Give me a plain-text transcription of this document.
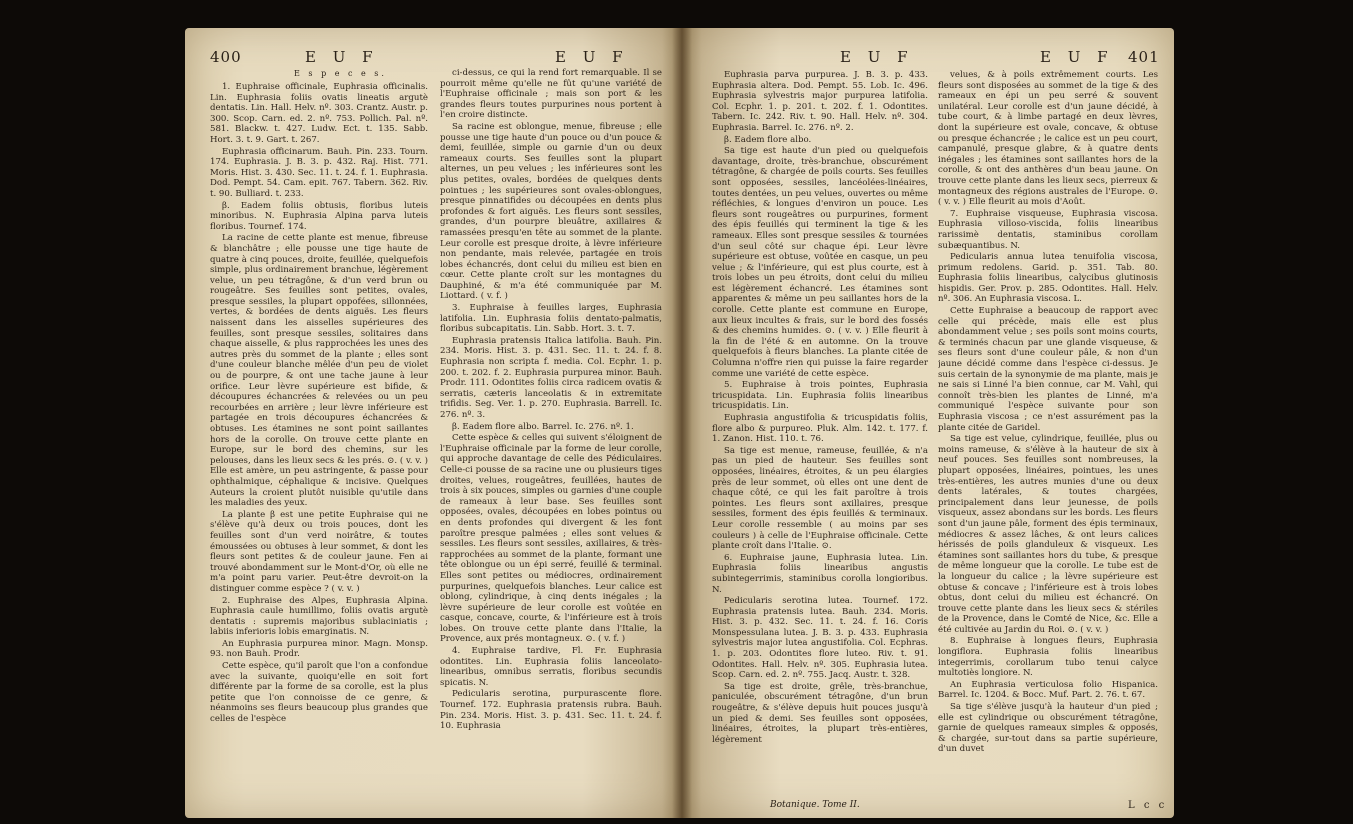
400	E U F	E U F
E s p e c e s.

1. Euphraise officinale, Euphrasia officinalis. Lin. Euphrasia foliis ovatis lineatis argutè dentatis. Lin. Hall. Helv. nº. 303. Crantz. Austr. p. 300. Scop. Carn. ed. 2. nº. 753. Pollich. Pal. nº. 581. Blackw. t. 427. Ludw. Ect. t. 135. Sabb. Hort. 3. t. 9. Gart. t. 267.

Euphrasia officinarum. Bauh. Pin. 233. Tourn. 174. Euphrasia. J. B. 3. p. 432. Raj. Hist. 771. Moris. Hist. 3. 430. Sec. 11. t. 24. f. 1. Euphrasia. Dod. Pempt. 54. Cam. epit. 767. Tabern. 362. Riv. t. 90. Bulliard. t. 233.

β. Eadem foliis obtusis, floribus luteis minoribus. N. Euphrasia Alpina parva luteis floribus. Tournef. 174.

La racine de cette plante est menue, fibreuse & blanchâtre ; elle pousse une tige haute de quatre à cinq pouces, droite, feuillée, quelquefois simple, plus ordinairement branchue, légèrement velue, un peu tétragône, & d'un verd brun ou rougeâtre. Ses feuilles sont petites, ovales, presque sessiles, la plupart oppofées, sillonnées, vertes, & bordées de dents aiguës. Les fleurs naissent dans les aisselles supérieures des feuilles, sont presque sessiles, solitaires dans chaque aisselle, & plus rapprochées les unes des autres près du sommet de la plante ; elles sont d'une couleur blanche mêlée d'un peu de violet ou de pourpre, & ont une tache jaune à leur orifice. Leur lèvre supérieure est bifide, & découpures échancrées & relevées ou un peu recourbées en arrière ; leur lèvre inférieure est partagée en trois découpures échancrées & obtuses. Les étamines ne sont point saillantes hors de la corolle. On trouve cette plante en Europe, sur le bord des chemins, sur les pelouses, dans les lieux secs & les prés. ⊙. ( v. v. ) Elle est amère, un peu astringente, & passe pour ophthalmique, céphalique & incisive. Quelques Auteurs la croient plutôt nuisible qu'utile dans les maladies des yeux.

La plante β est une petite Euphraise qui ne s'élève qu'à deux ou trois pouces, dont les feuilles sont d'un verd noirâtre, & toutes émoussées ou obtuses à leur sommet, & dont les fleurs sont petites & de couleur jaune. Fen ai trouvé abondamment sur le Mont-d'Or, où elle ne m'a point paru varier. Peut-être devroit-on la distinguer comme espèce ? ( v. v. )

2. Euphraise des Alpes, Euphrasia Alpina. Euphrasia caule humillimo, foliis ovatis argutè dentatis : supremis majoribus sublaciniatis ; labiis inferioris lobis emarginatis. N.

An Euphrasia purpurea minor. Magn. Monsp. 93. non Bauh. Prodr.

Cette espèce, qu'il paroît que l'on a confondue avec la suivante, quoiqu'elle en soit fort différente par la forme de sa corolle, est la plus petite que l'on connoisse de ce genre, & néanmoins ses fleurs beaucoup plus grandes que celles de l'espèce

ci-dessus, ce qui la rend fort remarquable. Il se pourroit même qu'elle ne fût qu'une variété de l'Euphraise officinale ; mais son port & les grandes fleurs toutes purpurines nous portent à l'en croire distincte.

Sa racine est oblongue, menue, fibreuse ; elle pousse une tige haute d'un pouce ou d'un pouce & demi, feuillée, simple ou garnie d'un ou deux rameaux courts. Ses feuilles sont la plupart alternes, un peu velues ; les inférieures sont les plus petites, ovales, bordées de quelques dents pointues ; les supérieures sont ovales-oblongues, presque pinnatifides ou découpées en dents plus profondes & fort aiguës. Les fleurs sont sessiles, grandes, d'un pourpre bleuâtre, axillaires & ramassées presqu'en tête au sommet de la plante. Leur corolle est presque droite, à lèvre inférieure non pendante, mais relevée, partagée en trois lobes échancrés, dont celui du milieu est bien en cœur. Cette plante croît sur les montagnes du Dauphiné, & m'a été communiquée par M. Liottard. ( v. f. )

3. Euphraise à feuilles larges, Euphrasia latifolia. Lin. Euphrasia foliis dentato-palmatis, floribus subcapitatis. Lin. Sabb. Hort. 3. t. 7.

Euphrasia pratensis Italica latifolia. Bauh. Pin. 234. Moris. Hist. 3. p. 431. Sec. 11. t. 24. f. 8. Euphrasia non scripta f. media. Col. Ecphr. 1. p. 200. t. 202. f. 2. Euphrasia purpurea minor. Bauh. Prodr. 111. Odontites foliis circa radicem ovatis & serratis, cæteris lanceolatis & in extremitate trifidis. Seg. Ver. 1. p. 270. Euphrasia. Barrell. Ic. 276. nº. 3.

β. Eadem flore albo. Barrel. Ic. 276. nº. 1.

Cette espèce & celles qui suivent s'éloignent de l'Euphraise officinale par la forme de leur corolle, qui approche davantage de celle des Pédiculaires. Celle-ci pousse de sa racine une ou plusieurs tiges droites, velues, rougeâtres, feuillées, hautes de trois à six pouces, simples ou garnies d'une couple de rameaux à leur base. Ses feuilles sont opposées, ovales, découpées en lobes pointus ou en dents profondes qui divergent & les font paroître presque palmées ; elles sont velues & sessiles. Les fleurs sont sessiles, axillaires, & très-rapprochées au sommet de la plante, formant une tête oblongue ou un épi serré, feuillé & terminal. Elles sont petites ou médiocres, ordinairement purpurines, quelquefois blanches. Leur calice est oblong, cylindrique, à cinq dents inégales ; la lèvre supérieure de leur corolle est voûtée en casque, concave, courte, & l'inférieure est à trois lobes. On trouve cette plante dans l'Italie, la Provence, aux prés montagneux. ⊙. ( v. f. )

4. Euphraise tardive, Fl. Fr. Euphrasia odontites. Lin. Euphrasia foliis lanceolato-linearibus, omnibus serratis, floribus secundis spicatis. N.

Pedicularis serotina, purpurascente flore. Tournef. 172. Euphrasia pratensis rubra. Bauh. Pin. 234. Moris. Hist. 3. p. 431. Sec. 11. t. 24. f. 10. Euphrasia

E U F	E U F 401

Euphrasia parva purpurea. J. B. 3. p. 433. Euphrasia altera. Dod. Pempt. 55. Lob. Ic. 496. Euphrasia sylvestris major purpurea latifolia. Col. Ecphr. 1. p. 201. t. 202. f. 1. Odontites. Tabern. Ic. 242. Riv. t. 90. Hall. Helv. nº. 304. Euphrasia. Barrel. Ic. 276. nº. 2.

β. Eadem flore albo.

Sa tige est haute d'un pied ou quelquefois davantage, droite, très-branchue, obscurément tétragône, & chargée de poils courts. Ses feuilles sont opposées, sessiles, lancéolées-linéaires, toutes dentées, un peu velues, ouvertes ou même réfléchies, & longues d'environ un pouce. Les fleurs sont rougeâtres ou purpurines, forment des épis feuillés qui terminent la tige & les rameaux. Elles sont presque sessiles & tournées d'un seul côté sur chaque épi. Leur lèvre supérieure est obtuse, voûtée en casque, un peu velue ; & l'inférieure, qui est plus courte, est à trois lobes un peu étroits, dont celui du milieu est légèrement échancré. Les étamines sont apparentes & même un peu saillantes hors de la corolle. Cette plante est commune en Europe, aux lieux incultes & frais, sur le bord des fossés & des chemins humides. ⊙. ( v. v. ) Elle fleurit à la fin de l'été & en automne. On la trouve quelquefois à fleurs blanches. La plante citée de Columna n'offre rien qui puisse la faire regarder comme une variété de cette espèce.

5. Euphraise à trois pointes, Euphrasia tricuspidata. Lin. Euphrasia foliis linearibus tricuspidatis. Lin.

Euphrasia angustifolia & tricuspidatis foliis, flore albo & purpureo. Pluk. Alm. 142. t. 177. f. 1. Zanon. Hist. 110. t. 76.

Sa tige est menue, rameuse, feuillée, & n'a pas un pied de hauteur. Ses feuilles sont opposées, linéaires, étroites, & un peu élargies près de leur sommet, où elles ont une dent de chaque côté, ce qui les fait paroître à trois pointes. Les fleurs sont axillaires, presque sessiles, forment des épis feuillés & terminaux. Leur corolle ressemble ( au moins par ses couleurs ) à celle de l'Euphraise officinale. Cette plante croît dans l'Italie. ⊙.

6. Euphraise jaune, Euphrasia lutea. Lin. Euphrasia foliis linearibus angustis subintegerrimis, staminibus corolla longioribus. N.

Pedicularis serotina lutea. Tournef. 172. Euphrasia pratensis lutea. Bauh. 234. Moris. Hist. 3. p. 432. Sec. 11. t. 24. f. 16. Coris Monspessulana lutea. J. B. 3. p. 433. Euphrasia sylvestris major lutea angustifolia. Col. Ecphras. 1. p. 203. Odontites flore luteo. Riv. t. 91. Odontites. Hall. Helv. nº. 305. Euphrasia lutea. Scop. Carn. ed. 2. nº. 755. Jacq. Austr. t. 328.

Sa tige est droite, grêle, très-branchue, paniculée, obscurément tétragône, d'un brun rougeâtre, & s'élève depuis huit pouces jusqu'à un pied & demi. Ses feuilles sont opposées, linéaires, étroites, la plupart très-entières, légèrement

velues, & à poils extrêmement courts. Les fleurs sont disposées au sommet de la tige & des rameaux en épi un peu serré & souvent unilatéral. Leur corolle est d'un jaune décidé, à tube court, & à limbe partagé en deux lèvres, dont la supérieure est ovale, concave, & obtuse ou presque échancrée ; le calice est un peu court, campanulé, presque glabre, & à quatre dents inégales ; les étamines sont saillantes hors de la corolle, & ont des anthères d'un beau jaune. On trouve cette plante dans les lieux secs, pierreux & montagneux des régions australes de l'Europe. ⊙. ( v. v. ) Elle fleurit au mois d'Août.

7. Euphraise visqueuse, Euphrasia viscosa. Euphrasia villoso-viscida, foliis linearibus rarissimè dentatis, staminibus corollam subæquantibus. N.

Pedicularis annua lutea tenuifolia viscosa, primum redolens. Garid. p. 351. Tab. 80. Euphrasia foliis linearibus, calycibus glutinosis hispidis. Ger. Prov. p. 285. Odontites. Hall. Helv. nº. 306. An Euphrasia viscosa. L.

Cette Euphraise a beaucoup de rapport avec celle qui précède, mais elle est plus abondamment velue ; ses poils sont moins courts, & terminés chacun par une glande visqueuse, & ses fleurs sont d'une couleur pâle, & non d'un jaune décidé comme dans l'espèce ci-dessus. Je suis certain de la synonymie de ma plante, mais je ne sais si Linné l'a bien connue, car M. Vahl, qui connoît très-bien les plantes de Linné, m'a communiqué l'espèce suivante pour son Euphrasia viscosa ; ce n'est assurément pas la plante citée de Garidel.

Sa tige est velue, cylindrique, feuillée, plus ou moins rameuse, & s'élève à la hauteur de six à neuf pouces. Ses feuilles sont nombreuses, la plupart opposées, linéaires, pointues, les unes très-entières, les autres munies d'une ou deux dents latérales, & toutes chargées, principalement dans leur jeunesse, de poils visqueux, assez abondans sur les bords. Les fleurs sont d'un jaune pâle, forment des épis terminaux, médiocres & assez lâches, & ont leurs calices hérissés de poils glanduleux & visqueux. Les étamines sont saillantes hors du tube, & presque de même longueur que la corolle. Le tube est de la longueur du calice ; la lèvre supérieure est obtuse & concave ; l'inférieure est à trois lobes obtus, dont celui du milieu est échancré. On trouve cette plante dans les lieux secs & stériles de la Provence, dans le Comté de Nice, &c. Elle a été cultivée au Jardin du Roi. ⊙. ( v. v. )

8. Euphraise à longues fleurs, Euphrasia longiflora. Euphrasia foliis linearibus integerrimis, corollarum tubo tenui calyce multotiès longiore. N.

An Euphrasia verticulosa folio Hispanica. Barrel. Ic. 1204. & Bocc. Muf. Part. 2. 76. t. 67.

Sa tige s'élève jusqu'à la hauteur d'un pied ; elle est cylindrique ou obscurément tétragône, garnie de quelques rameaux simples & opposés, & chargée, sur-tout dans sa partie supérieure, d'un duvet

Botanique. Tome II.	L c c
